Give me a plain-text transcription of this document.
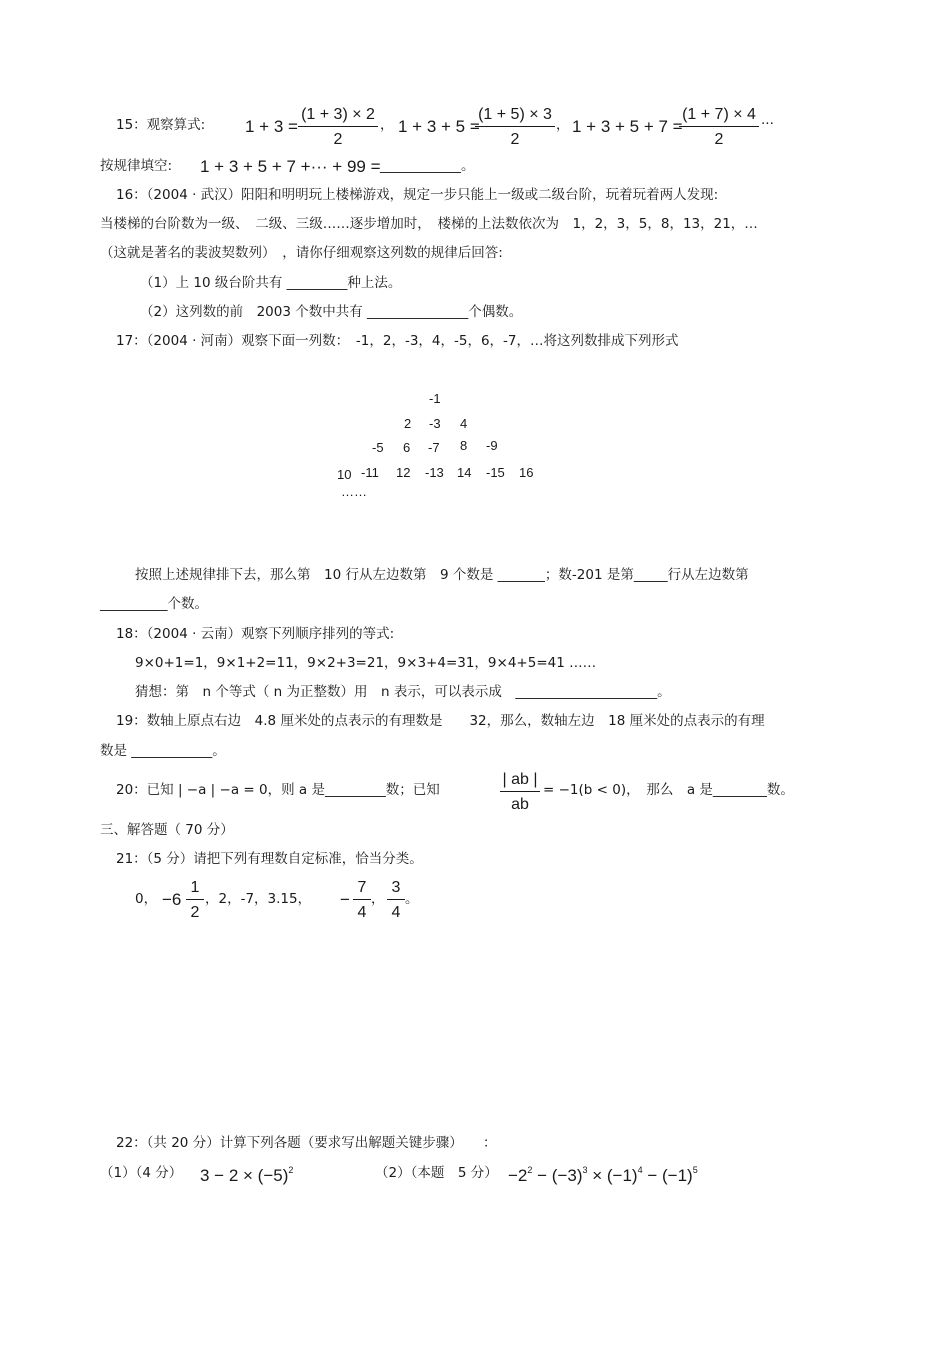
15：观察算式: $1 + 3 = \frac{(1 + 3) \times 2}{2}$ ， 1 + 3 + 5 =
$\frac{(1 + 5) \times 3}{2}$ ， 1 + 3 + 5 + 7 =
$\frac{(1 + 7) \times 4}{2}$ ···
按规律填空: 1 + 3 + 5 + 7 +··· + 99 = ____________。
16：（2004 · 武汉）阳阳和明明玩上楼梯游戏，规定一步只能上一级或二级台阶，玩着玩着两人发现:
当楼梯的台阶数为一级、　二级、三级……逐步增加时，　楼梯的上法数依次为　1，2，3，5，8，13，21，…
（这就是著名的裴波契数列）　，请你仔细观察这列数的规律后回答:
（1）上 10 级台阶共有 _________种上法。
（2）这列数的前　2003 个数中共有 _______________个偶数。
17：（2004 · 河南）观察下面一列数：　-1，2，-3，4，-5，6，-7，…将这列数排成下列形式
-1
2 -3 4
-5 6 -7 8 -9
10 -11 12 -13 14 -15 16
……
按照上述规律排下去，那么第　10 行从左边数第　9 个数是 _______；数-201 是第_____行从左边数第
__________个数。
18：（2004 · 云南）观察下列顺序排列的等式:
9×0+1=1，9×1+2=11，9×2+3=21，9×3+4=31，9×4+5=41 ……
猜想：第　n 个等式（ n 为正整数）用　n 表示，可以表示成　_____________________。
19：数轴上原点右边　4.8 厘米处的点表示的有理数是　　32，那么，数轴左边　18 厘米处的点表示的有理
数是 ____________。
20：已知 | −a | −a = 0，则 a 是_________数；已知	$\frac{| ab |}{ab} = -1(b < 0)$，　那么　a 是________数。
三、解答题（ 70 分）
21：（5 分）请把下列有理数自定标准，恰当分类。
0， $-6 \frac{1}{2}$ ，2，-7，3.15， − $\frac{7}{4}$ ， $\frac{3}{4}$ 。
22：（共 20 分）计算下列各题（要求写出解题关键步骤）　　：
（1）（4 分） $3 - 2 \times (-5)^2$	（2）（本题　5 分） $-2^2 - (-3)^3 \times (-1)^4 - (-1)^5$
